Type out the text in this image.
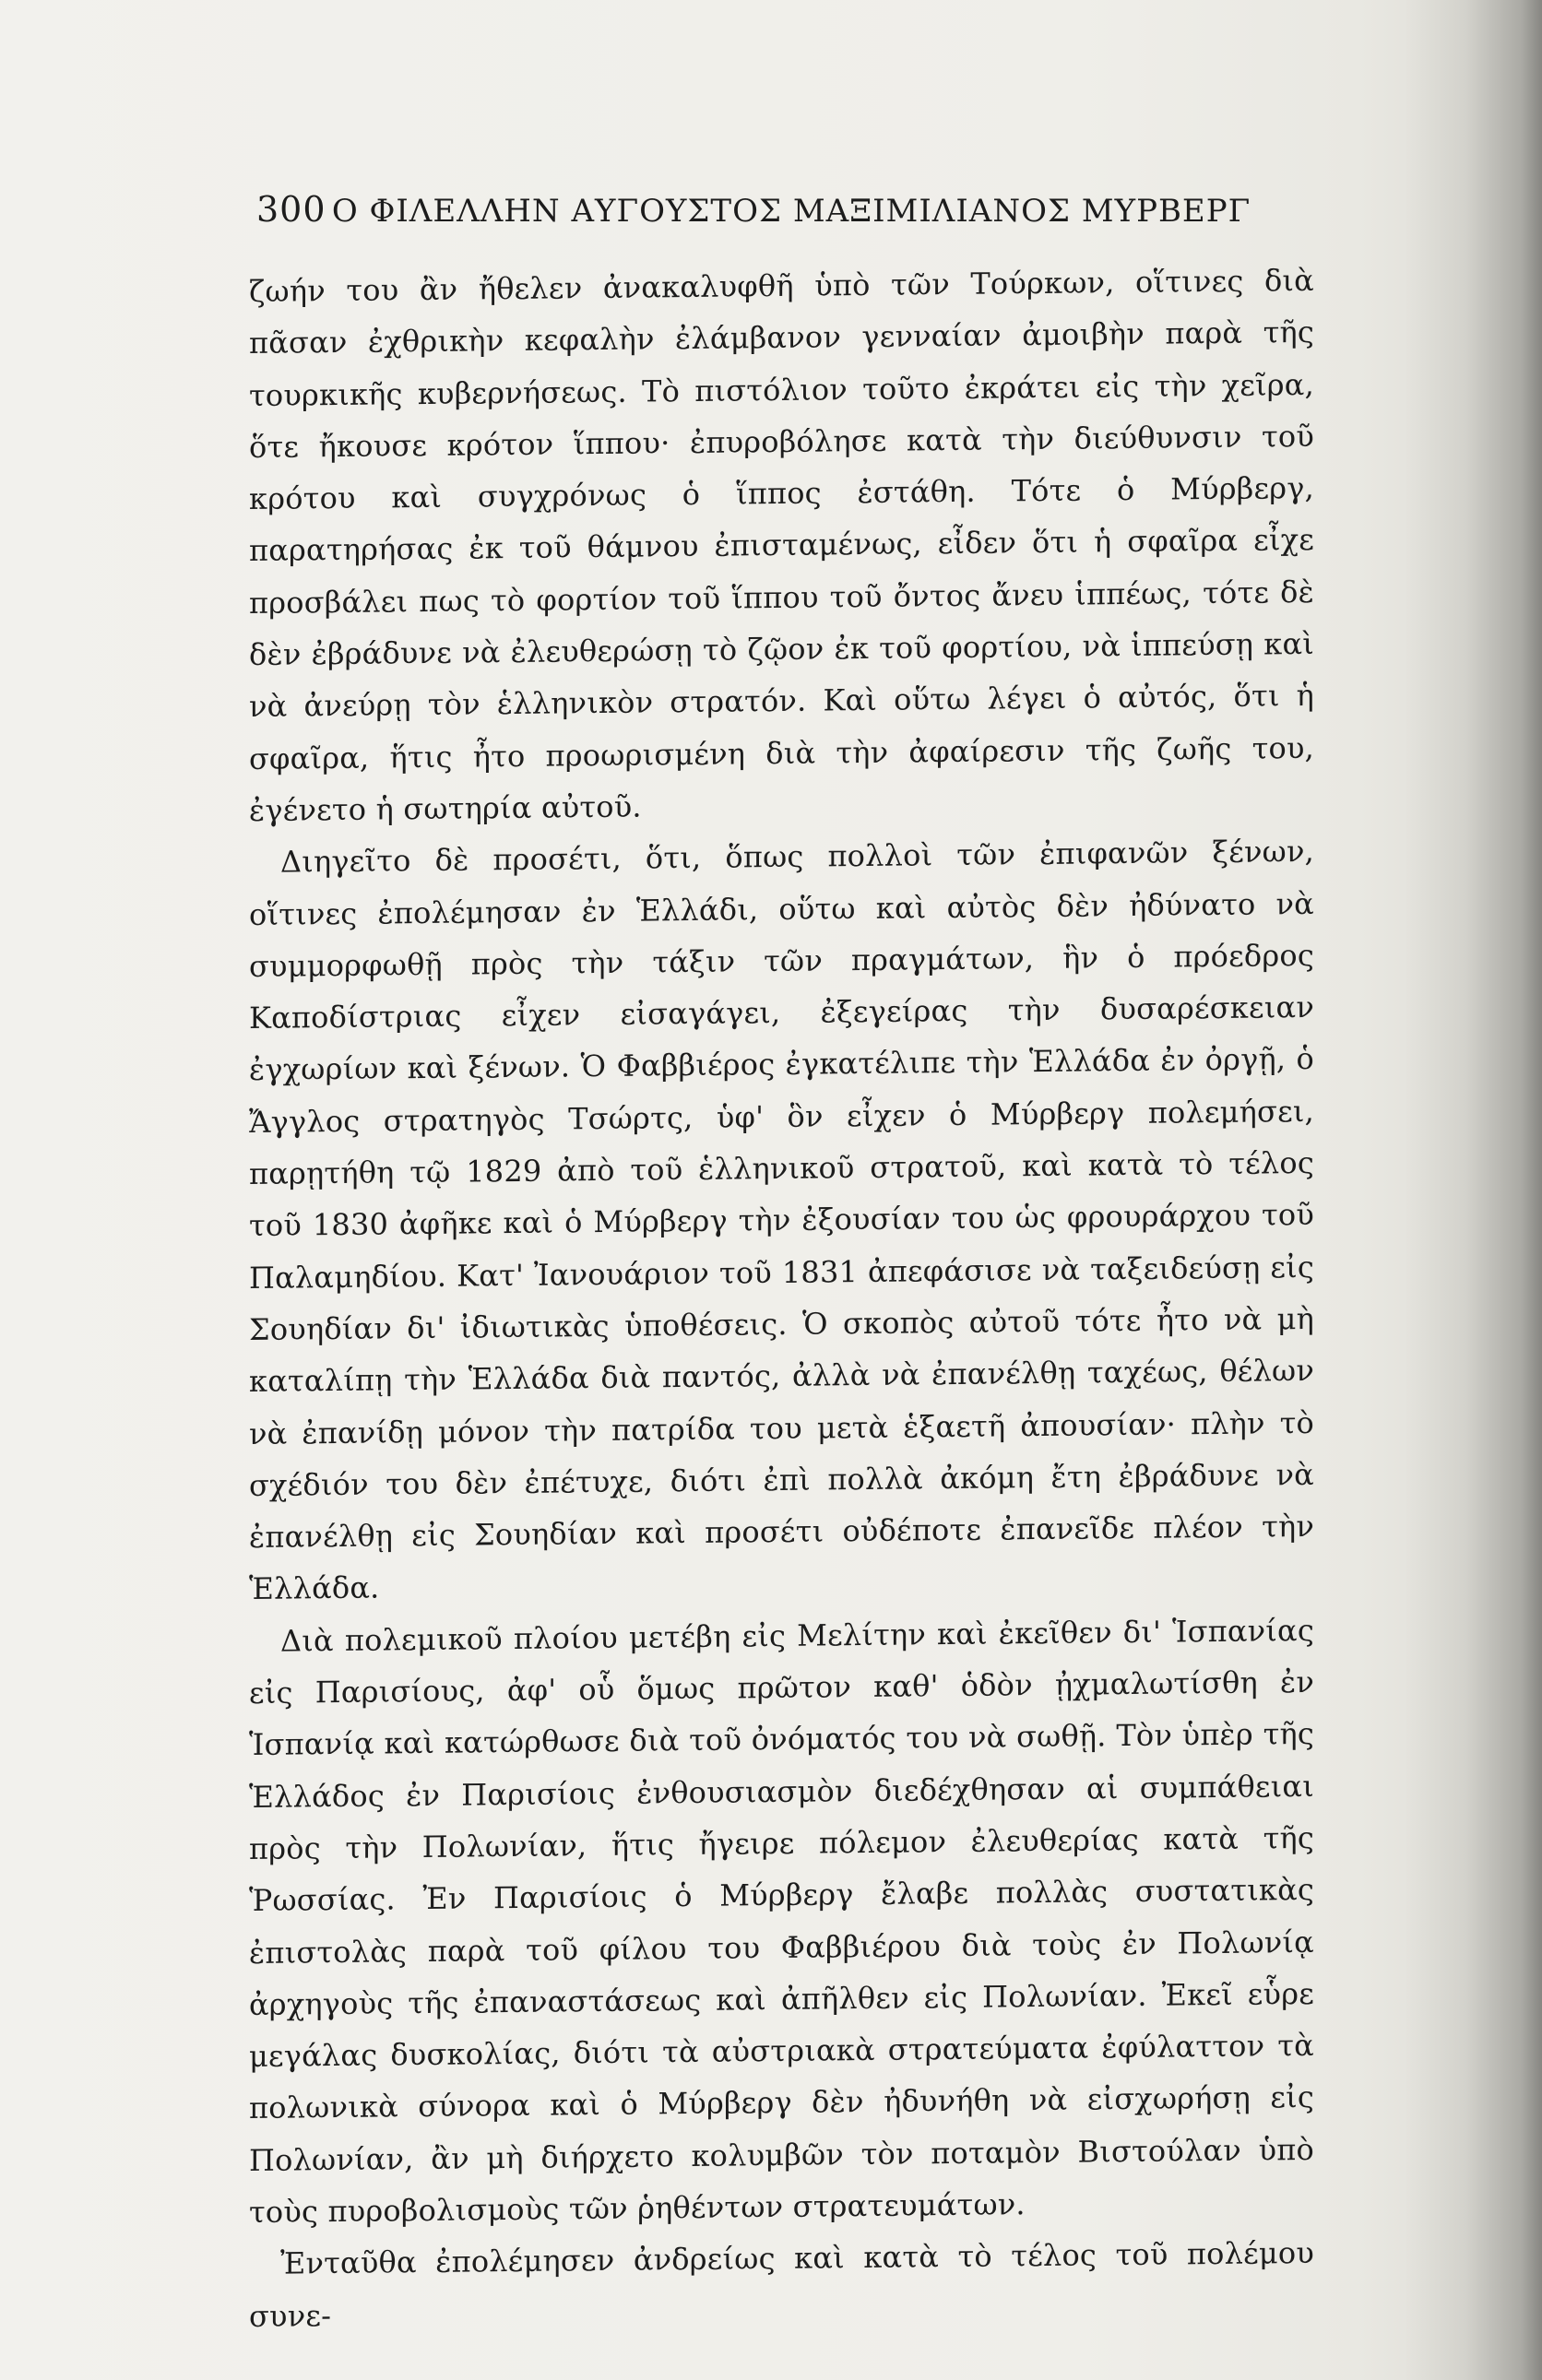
300 Ο ΦΙΛΕΛΛΗΝ ΑΥΓΟΥΣΤΟΣ ΜΑΞΙΜΙΛΙΑΝΟΣ ΜΥΡΒΕΡΓ

ζωήν του ἂν ἤθελεν ἀνακαλυφθῆ ὑπὸ τῶν Τούρκων, οἵτινες διὰ πᾶσαν ἐχθρικὴν κεφαλὴν ἐλάμβανον γενναίαν ἀμοιβὴν παρὰ τῆς τουρκικῆς κυβερνήσεως. Τὸ πιστόλιον τοῦτο ἐκράτει εἰς τὴν χεῖρα, ὅτε ἤκουσε κρότον ἵππου· ἐπυροβόλησε κατὰ τὴν διεύθυνσιν τοῦ κρότου καὶ συγχρόνως ὁ ἵππος ἐστάθη. Τότε ὁ Μύρβεργ, παρατηρήσας ἐκ τοῦ θάμνου ἐπισταμένως, εἶδεν ὅτι ἡ σφαῖρα εἶχε προσβάλει πως τὸ φορτίον τοῦ ἵππου τοῦ ὄντος ἄνευ ἱππέως, τότε δὲ δὲν ἐβράδυνε νὰ ἐλευθερώσῃ τὸ ζῷον ἐκ τοῦ φορτίου, νὰ ἱππεύσῃ καὶ νὰ ἀνεύρῃ τὸν ἑλληνικὸν στρατόν. Καὶ οὕτω λέγει ὁ αὐτός, ὅτι ἡ σφαῖρα, ἥτις ἦτο προωρισμένη διὰ τὴν ἀφαίρεσιν τῆς ζωῆς του, ἐγένετο ἡ σωτηρία αὐτοῦ.

Διηγεῖτο δὲ προσέτι, ὅτι, ὅπως πολλοὶ τῶν ἐπιφανῶν ξένων, οἵτινες ἐπολέμησαν ἐν Ἑλλάδι, οὕτω καὶ αὐτὸς δὲν ἠδύνατο νὰ συμμορφωθῇ πρὸς τὴν τάξιν τῶν πραγμάτων, ἣν ὁ πρόεδρος Καποδίστριας εἶχεν εἰσαγάγει, ἐξεγείρας τὴν δυσαρέσκειαν ἐγχωρίων καὶ ξένων. Ὁ Φαββιέρος ἐγκατέλιπε τὴν Ἑλλάδα ἐν ὀργῇ, ὁ Ἄγγλος στρατηγὸς Τσώρτς, ὑφ' ὃν εἶχεν ὁ Μύρβεργ πολεμήσει, παρῃτήθη τῷ 1829 ἀπὸ τοῦ ἑλληνικοῦ στρατοῦ, καὶ κατὰ τὸ τέλος τοῦ 1830 ἀφῆκε καὶ ὁ Μύρβεργ τὴν ἐξουσίαν του ὡς φρουράρχου τοῦ Παλαμηδίου. Κατ' Ἰανουάριον τοῦ 1831 ἀπεφάσισε νὰ ταξειδεύσῃ εἰς Σουηδίαν δι' ἰδιωτικὰς ὑποθέσεις. Ὁ σκοπὸς αὐτοῦ τότε ἦτο νὰ μὴ καταλίπῃ τὴν Ἑλλάδα διὰ παντός, ἀλλὰ νὰ ἐπανέλθῃ ταχέως, θέλων νὰ ἐπανίδῃ μόνον τὴν πατρίδα του μετὰ ἑξαετῆ ἀπουσίαν· πλὴν τὸ σχέδιόν του δὲν ἐπέτυχε, διότι ἐπὶ πολλὰ ἀκόμη ἔτη ἐβράδυνε νὰ ἐπανέλθῃ εἰς Σουηδίαν καὶ προσέτι οὐδέποτε ἐπανεῖδε πλέον τὴν Ἑλλάδα.

Διὰ πολεμικοῦ πλοίου μετέβη εἰς Μελίτην καὶ ἐκεῖθεν δι' Ἱσπανίας εἰς Παρισίους, ἀφ' οὗ ὅμως πρῶτον καθ' ὁδὸν ᾐχμαλωτίσθη ἐν Ἱσπανίᾳ καὶ κατώρθωσε διὰ τοῦ ὀνόματός του νὰ σωθῇ. Τὸν ὑπὲρ τῆς Ἑλλάδος ἐν Παρισίοις ἐνθουσιασμὸν διεδέχθησαν αἱ συμπάθειαι πρὸς τὴν Πολωνίαν, ἥτις ἤγειρε πόλεμον ἐλευθερίας κατὰ τῆς Ῥωσσίας. Ἐν Παρισίοις ὁ Μύρβεργ ἔλαβε πολλὰς συστατικὰς ἐπιστολὰς παρὰ τοῦ φίλου του Φαββιέρου διὰ τοὺς ἐν Πολωνίᾳ ἀρχηγοὺς τῆς ἐπαναστάσεως καὶ ἀπῆλθεν εἰς Πολωνίαν. Ἐκεῖ εὗρε μεγάλας δυσκολίας, διότι τὰ αὐστριακὰ στρατεύματα ἐφύλαττον τὰ πολωνικὰ σύνορα καὶ ὁ Μύρβεργ δὲν ἠδυνήθη νὰ εἰσχωρήσῃ εἰς Πολωνίαν, ἂν μὴ διήρχετο κολυμβῶν τὸν ποταμὸν Βιστούλαν ὑπὸ τοὺς πυροβολισμοὺς τῶν ῥηθέντων στρατευμάτων.

Ἐνταῦθα ἐπολέμησεν ἀνδρείως καὶ κατὰ τὸ τέλος τοῦ πολέμου συνε-
